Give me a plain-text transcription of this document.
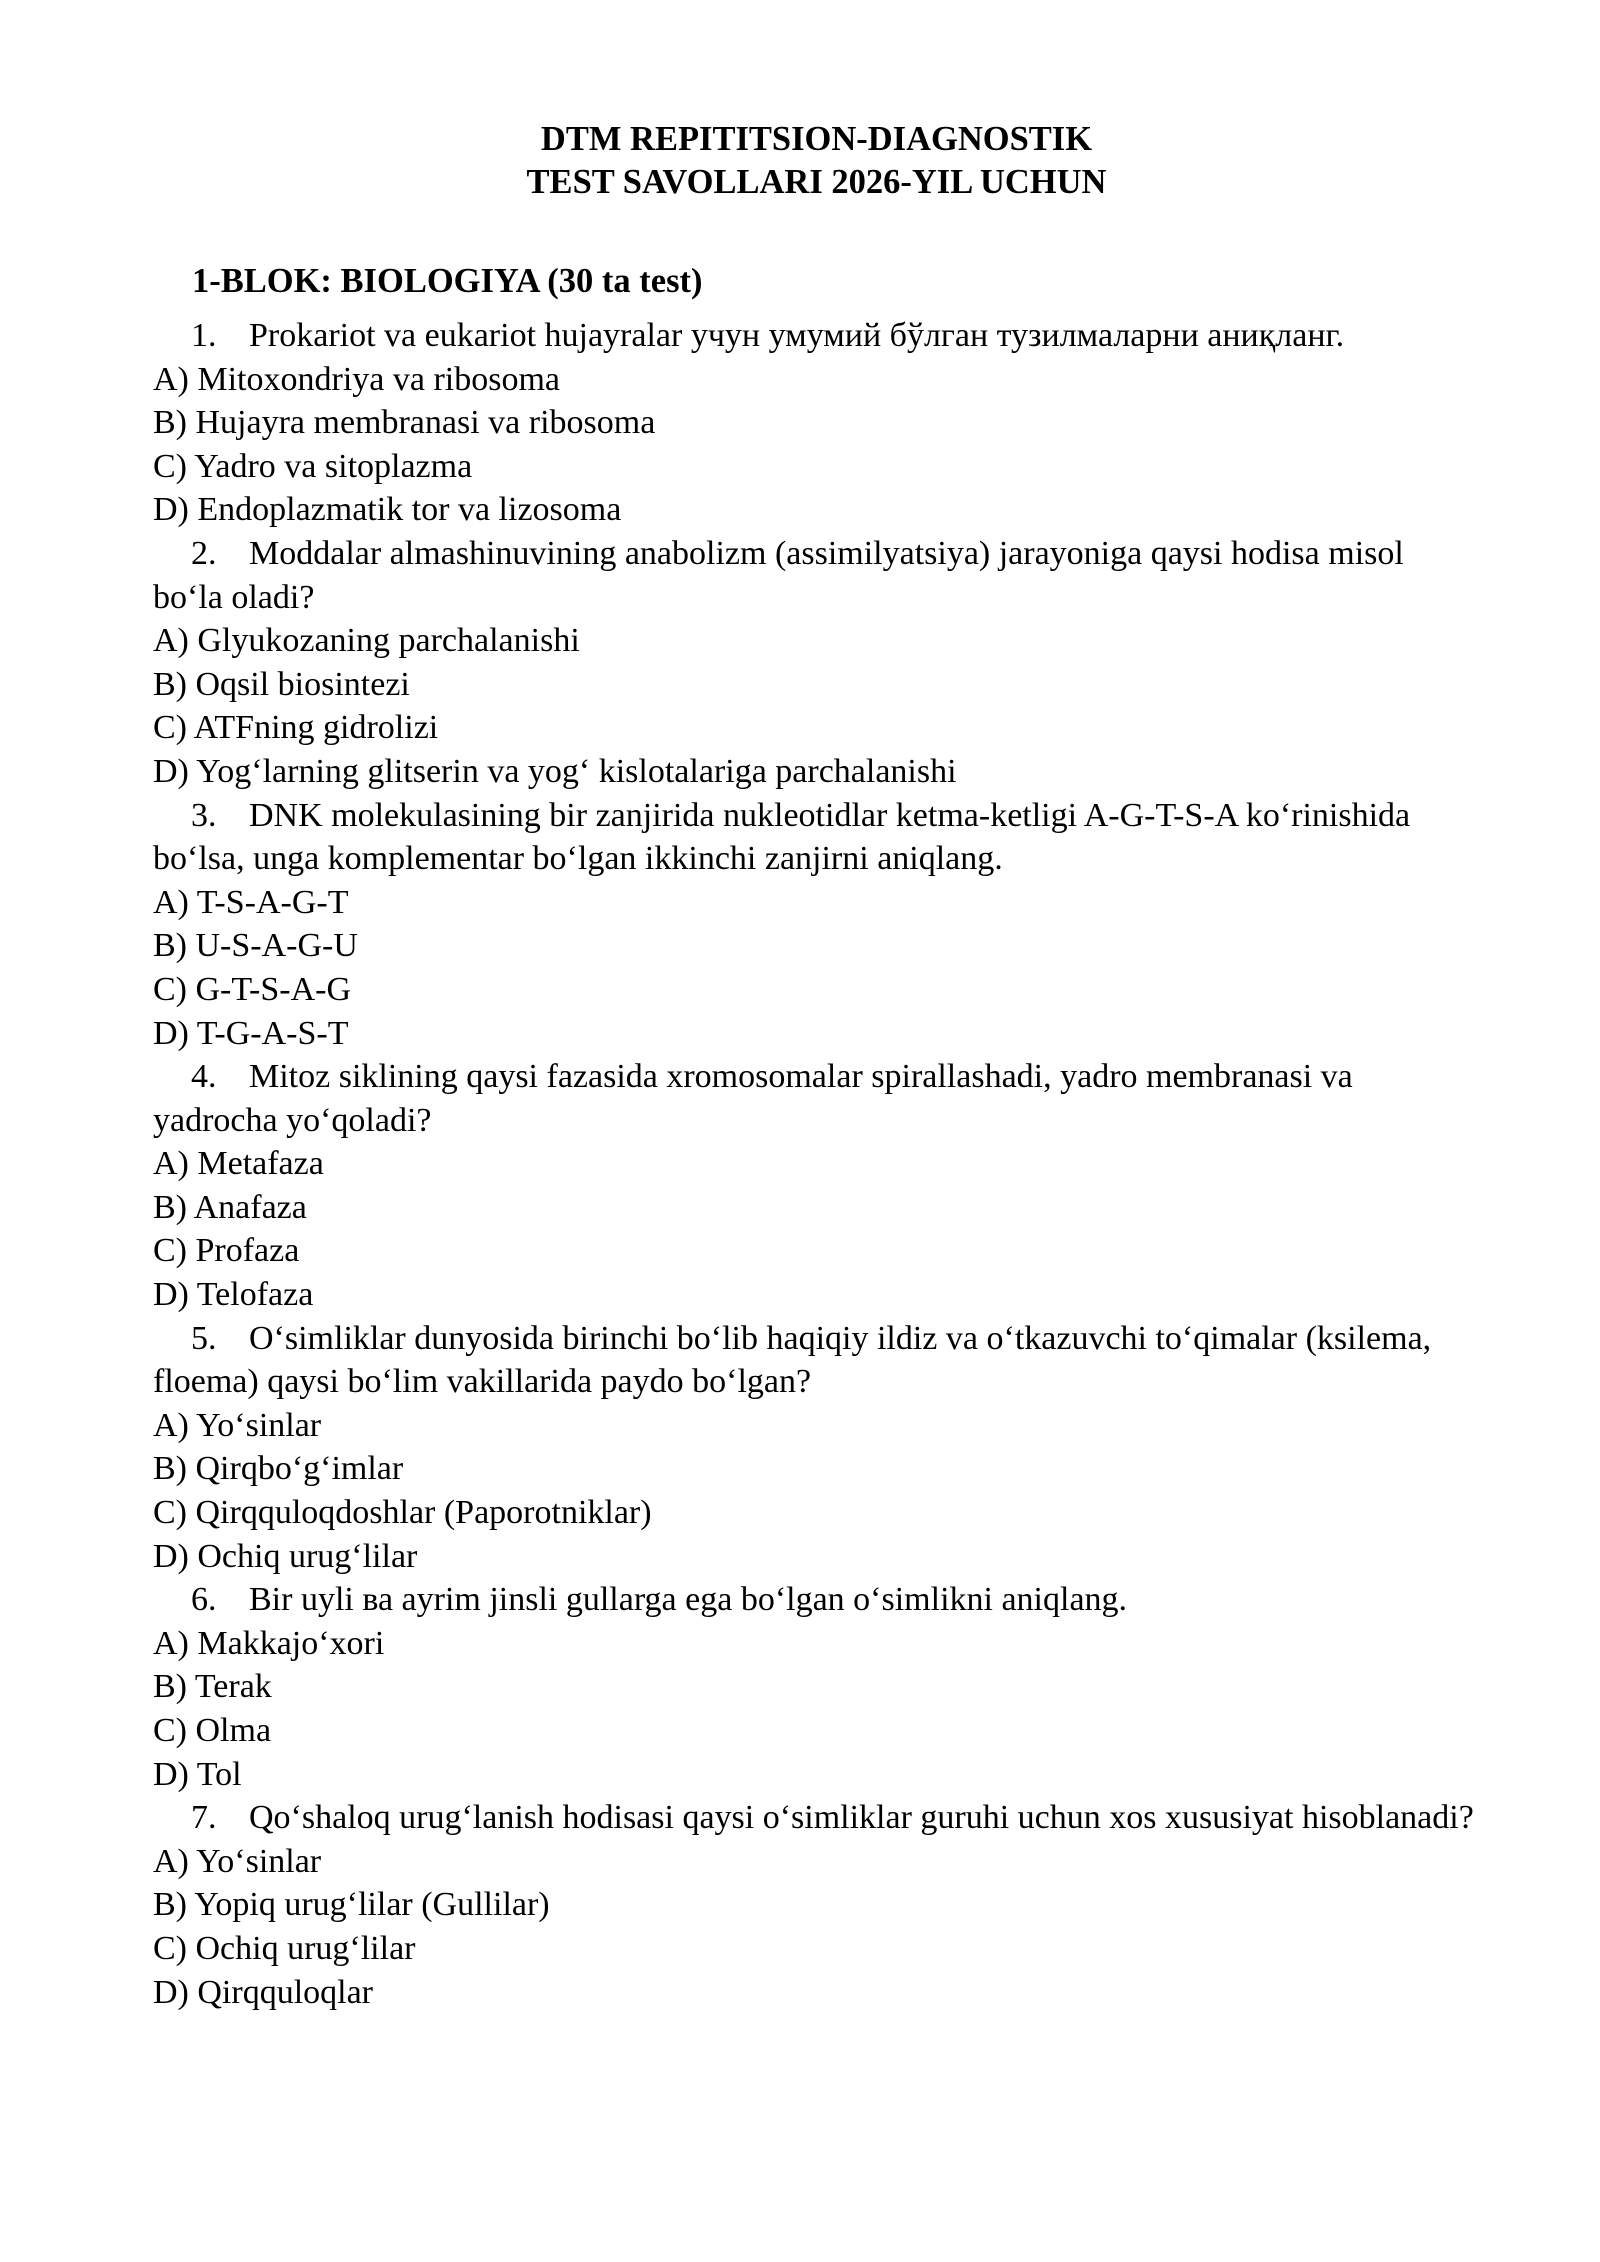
DTM REPITITSION-DIAGNOSTIK
TEST SAVOLLARI 2026-YIL UCHUN
1-BLOK: BIOLOGIYA (30 ta test)

1. Prokariot va eukariot hujayralar учун умумий бўлган тузилмаларни аниқланг.

A) Mitoxondriya va ribosoma

B) Hujayra membranasi va ribosoma

C) Yadro va sitoplazma

D) Endoplazmatik tor va lizosoma

2. Moddalar almashinuvining anabolizm (assimilyatsiya) jarayoniga qaysi hodisa misol bo‘la oladi?

A) Glyukozaning parchalanishi

B) Oqsil biosintezi

C) ATFning gidrolizi

D) Yog‘larning glitserin va yog‘ kislotalariga parchalanishi

3. DNK molekulasining bir zanjirida nukleotidlar ketma-ketligi A-G-T-S-A ko‘rinishida bo‘lsa, unga komplementar bo‘lgan ikkinchi zanjirni aniqlang.

A) T-S-A-G-T

B) U-S-A-G-U

C) G-T-S-A-G

D) T-G-A-S-T

4. Mitoz siklining qaysi fazasida xromosomalar spirallashadi, yadro membranasi va yadrocha yo‘qoladi?

A) Metafaza

B) Anafaza

C) Profaza

D) Telofaza

5. O‘simliklar dunyosida birinchi bo‘lib haqiqiy ildiz va o‘tkazuvchi to‘qimalar (ksilema, floema) qaysi bo‘lim vakillarida paydo bo‘lgan?

A) Yo‘sinlar

B) Qirqbo‘g‘imlar

C) Qirqquloqdoshlar (Paporotniklar)

D) Ochiq urug‘lilar

6. Bir uyli ва ayrim jinsli gullarga ega bo‘lgan o‘simlikni aniqlang.

A) Makkajo‘xori

B) Terak

C) Olma

D) Tol

7. Qo‘shaloq urug‘lanish hodisasi qaysi o‘simliklar guruhi uchun xos xususiyat hisoblanadi?

A) Yo‘sinlar

B) Yopiq urug‘lilar (Gullilar)

C) Ochiq urug‘lilar

D) Qirqquloqlar
